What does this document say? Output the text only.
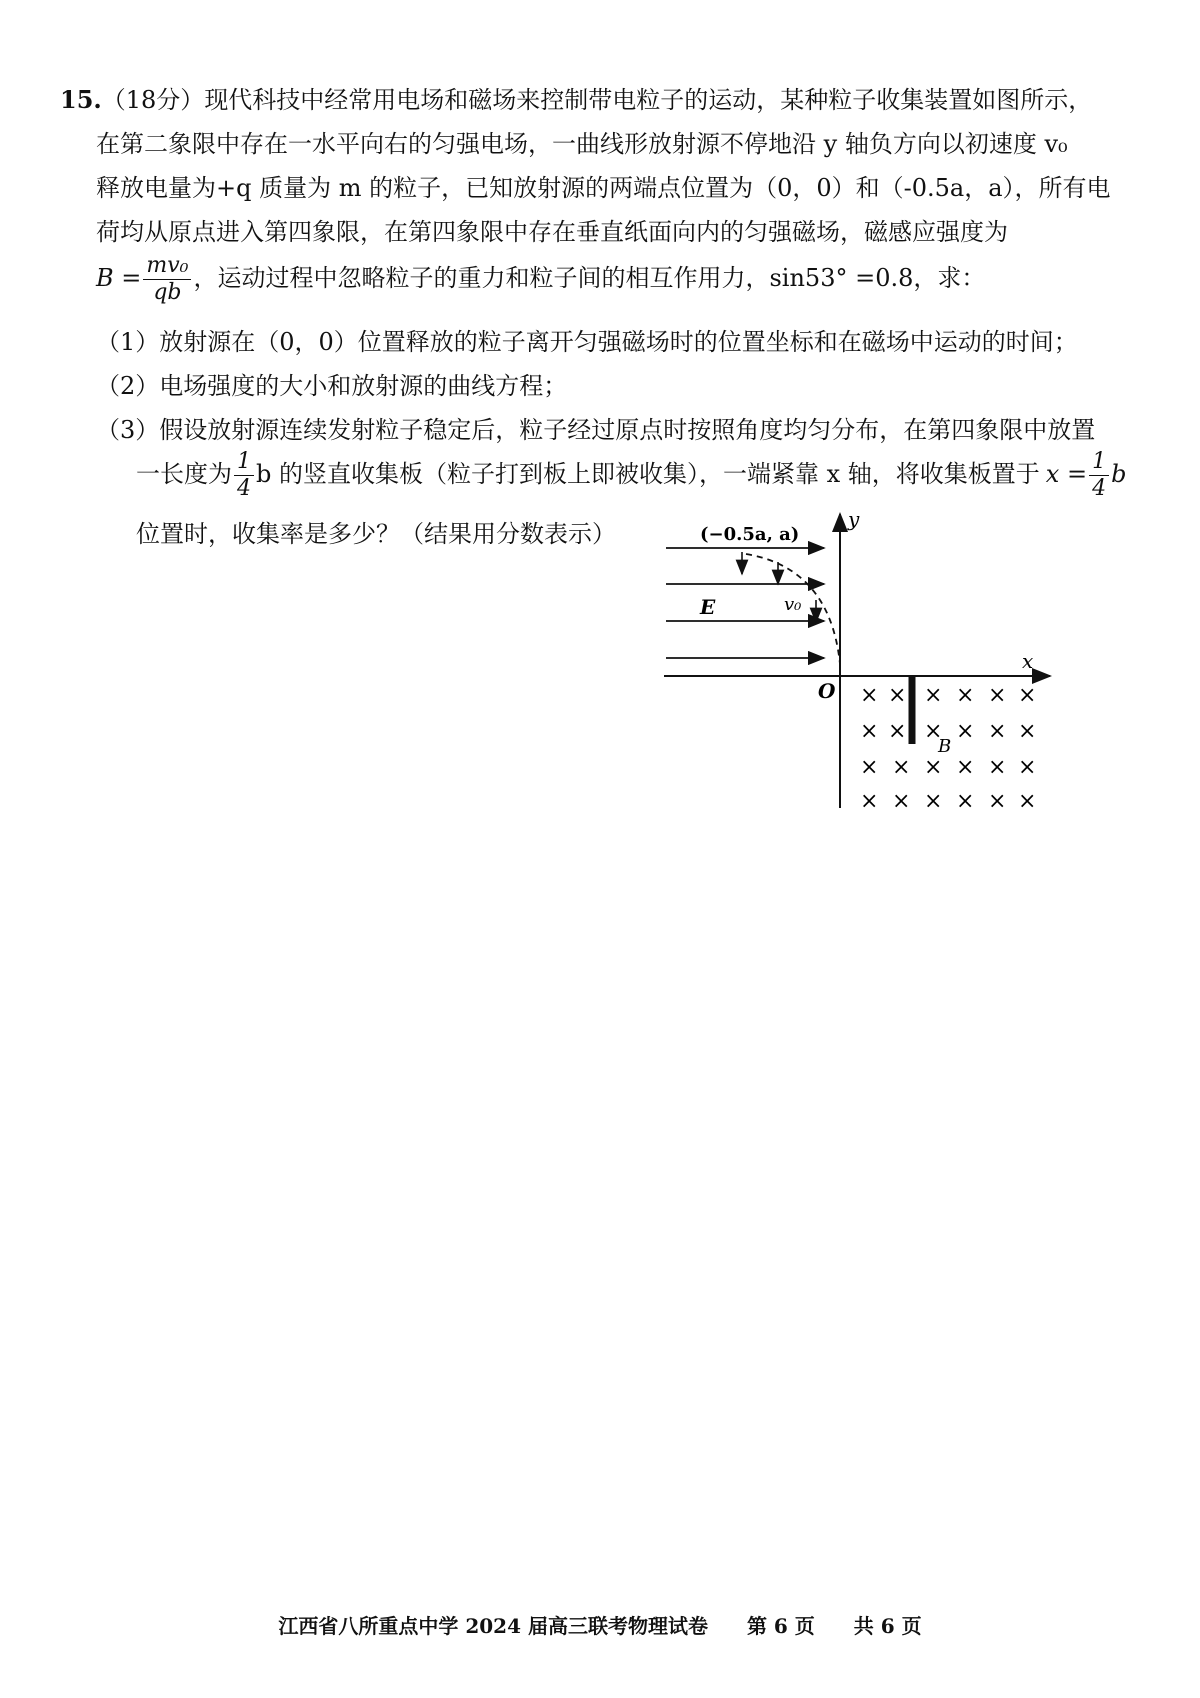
15.（18分）现代科技中经常用电场和磁场来控制带电粒子的运动，某种粒子收集装置如图所示，
在第二象限中存在一水平向右的匀强电场，一曲线形放射源不停地沿 y 轴负方向以初速度 v₀
释放电量为+q 质量为 m 的粒子，已知放射源的两端点位置为（0，0）和（-0.5a，a），所有电
荷均从原点进入第四象限，在第四象限中存在垂直纸面向内的匀强磁场，磁感应强度为
$B = \frac{\text{mv₀}}{qb}$ ，运动过程中忽略粒子的重力和粒子间的相互作用力，sin53° =0.8，求：
（1）放射源在（0，0）位置释放的粒子离开匀强磁场时的位置坐标和在磁场中运动的时间；
（2）电场强度的大小和放射源的曲线方程；
（3）假设放射源连续发射粒子稳定后，粒子经过原点时按照角度均匀分布，在第四象限中放置
一长度为 $\frac{1}{4}$ b 的竖直收集板（粒子打到板上即被收集），一端紧靠 x 轴，将收集板置于 $x = \frac{1}{4}$ b
位置时，收集率是多少？（结果用分数表示）
y
x
O
E
(−0.5a, a)
v₀
B
× × × × × ×
× × × × × ×
× × × × × ×
× × × × × ×
江西省八所重点中学 2024 届高三联考物理试卷 第 6 页 共 6 页
